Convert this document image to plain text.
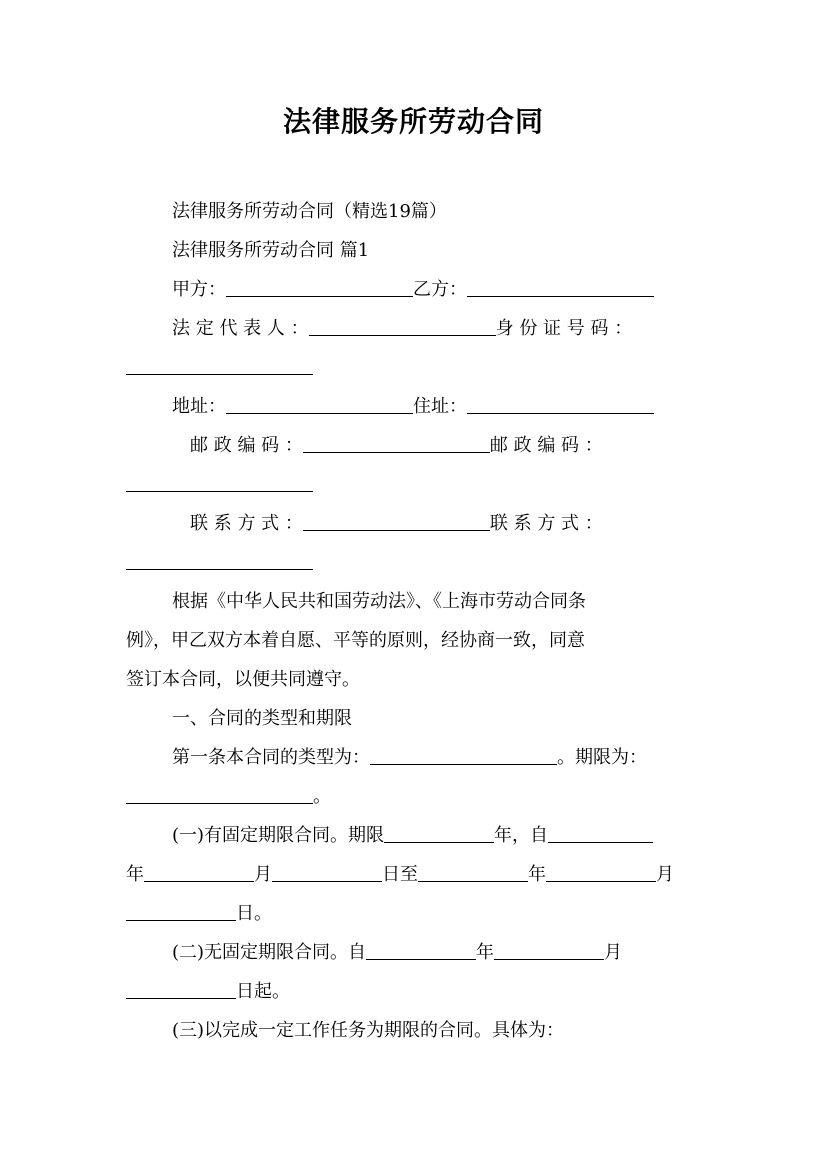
法律服务所劳动合同
法律服务所劳动合同（精选19篇）
法律服务所劳动合同 篇1
甲方：	乙方：
法 定 代 表 人 ：	身 份 证 号 码 ：
地址：	住址：
邮 政 编 码 ：	邮 政 编 码 ：
联 系 方 式 ：	联 系 方 式 ：
根据《中华人民共和国劳动法》、《上海市劳动合同条
例》，甲乙双方本着自愿、平等的原则，经协商一致，同意
签订本合同，以便共同遵守。
一、合同的类型和期限
第一条本合同的类型为：	。期限为：
。
(一)有固定期限合同。期限	年，自
年	月	日至	年	月
日。
(二)无固定期限合同。自	年	月
日起。
(三)以完成一定工作任务为期限的合同。具体为：
